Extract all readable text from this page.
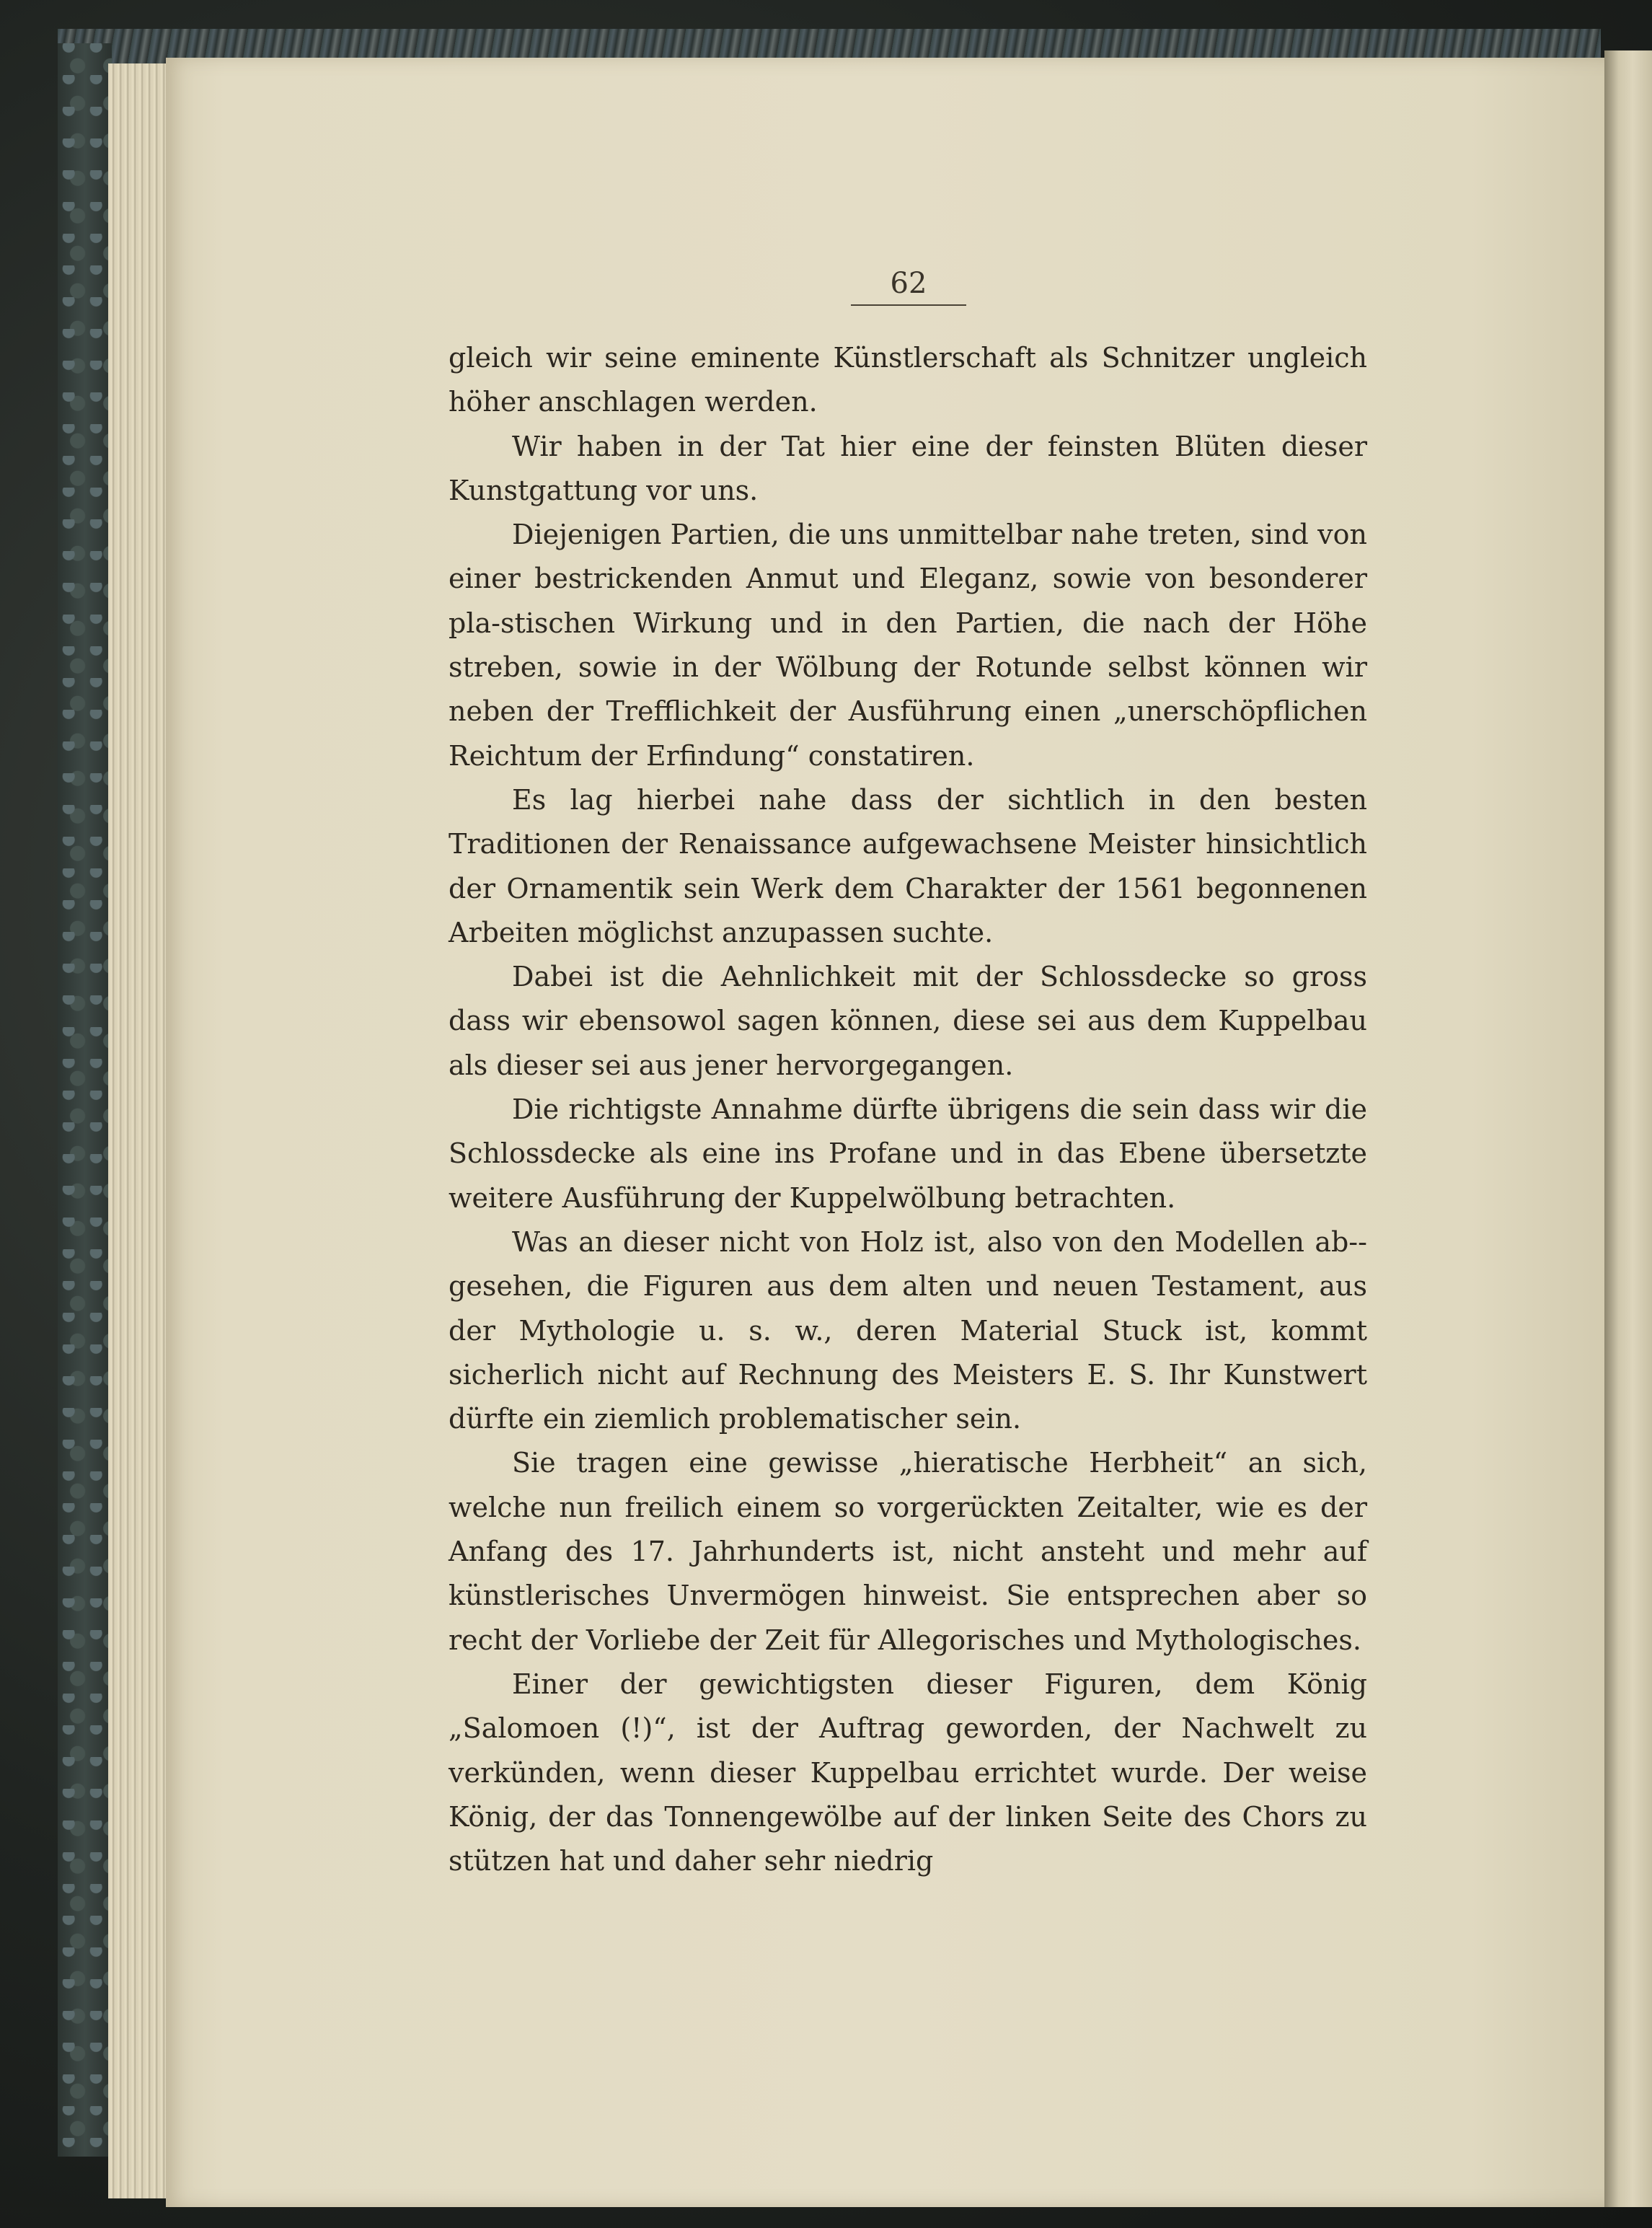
62

gleich wir seine eminente Künstlerschaft als Schnitzer ungleich höher anschlagen werden.

Wir haben in der Tat hier eine der feinsten Blüten dieser Kunstgattung vor uns.

Diejenigen Partien, die uns unmittelbar nahe treten, sind von einer bestrickenden Anmut und Eleganz, sowie von besonderer pla-stischen Wirkung und in den Partien, die nach der Höhe streben, sowie in der Wölbung der Rotunde selbst können wir neben der Trefflichkeit der Ausführung einen „unerschöpflichen Reichtum der Erfindung“ constatiren.

Es lag hierbei nahe dass der sichtlich in den besten Traditionen der Renaissance aufgewachsene Meister hinsichtlich der Ornamentik sein Werk dem Charakter der 1561 begonnenen Arbeiten möglichst anzupassen suchte.

Dabei ist die Aehnlichkeit mit der Schlossdecke so gross dass wir ebensowol sagen können, diese sei aus dem Kuppelbau als dieser sei aus jener hervorgegangen.

Die richtigste Annahme dürfte übrigens die sein dass wir die Schlossdecke als eine ins Profane und in das Ebene übersetzte weitere Ausführung der Kuppelwölbung betrachten.

Was an dieser nicht von Holz ist, also von den Modellen ab-gesehen, die Figuren aus dem alten und neuen Testament, aus der Mythologie u. s. w., deren Material Stuck ist, kommt sicherlich nicht auf Rechnung des Meisters E. S. Ihr Kunstwert dürfte ein ziemlich problematischer sein.

Sie tragen eine gewisse „hieratische Herbheit“ an sich, welche nun freilich einem so vorgerückten Zeitalter, wie es der Anfang des 17. Jahrhunderts ist, nicht ansteht und mehr auf künstlerisches Unvermögen hinweist. Sie entsprechen aber so recht der Vorliebe der Zeit für Allegorisches und Mythologisches.

Einer der gewichtigsten dieser Figuren, dem König „Salomoen (!)“, ist der Auftrag geworden, der Nachwelt zu verkünden, wenn dieser Kuppelbau errichtet wurde. Der weise König, der das Tonnengewölbe auf der linken Seite des Chors zu stützen hat und daher sehr niedrig
